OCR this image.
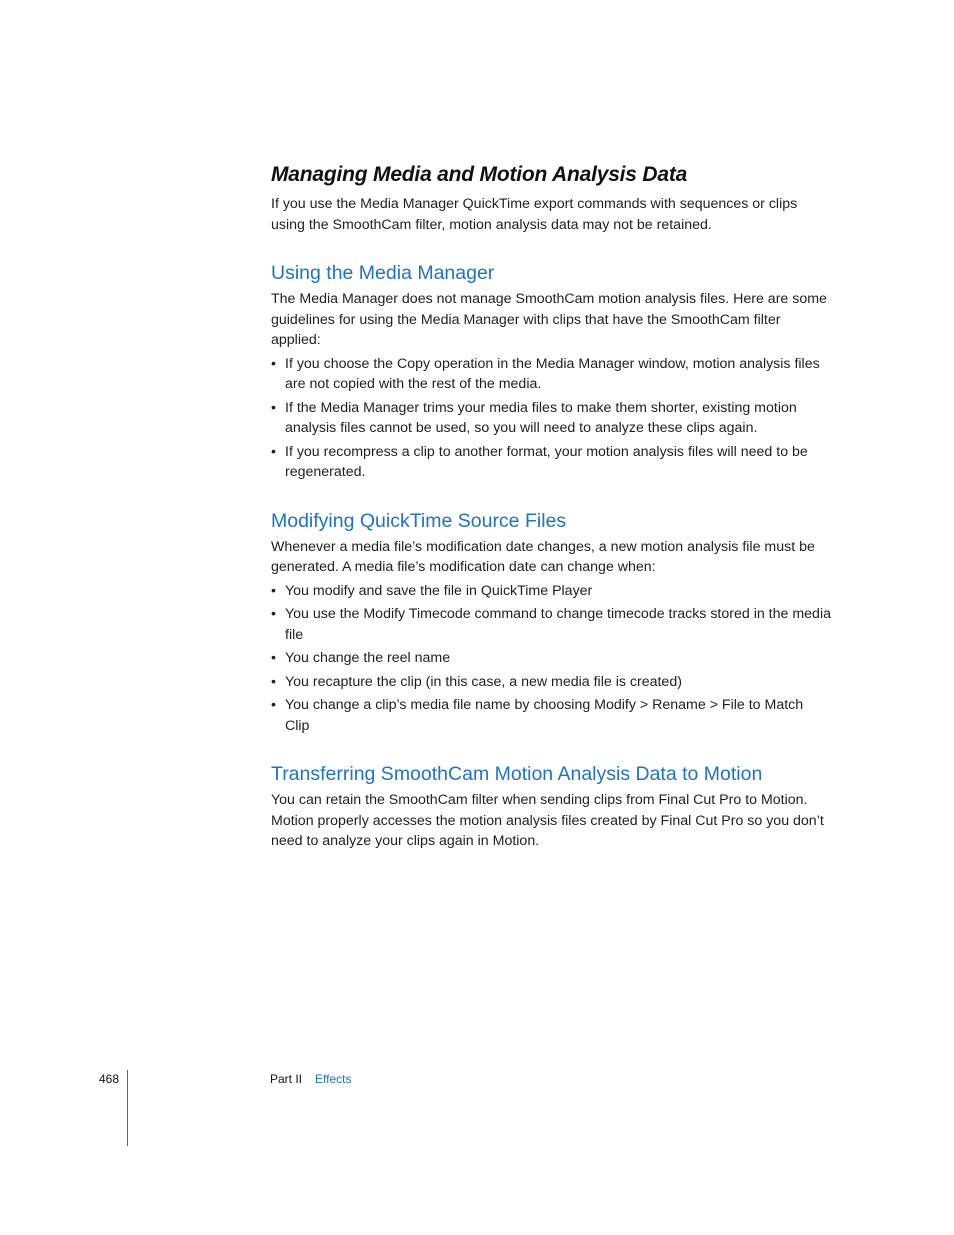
Managing Media and Motion Analysis Data

If you use the Media Manager QuickTime export commands with sequences or clips using the SmoothCam filter, motion analysis data may not be retained.

Using the Media Manager

The Media Manager does not manage SmoothCam motion analysis files. Here are some guidelines for using the Media Manager with clips that have the SmoothCam filter applied:

• If you choose the Copy operation in the Media Manager window, motion analysis files are not copied with the rest of the media.
• If the Media Manager trims your media files to make them shorter, existing motion analysis files cannot be used, so you will need to analyze these clips again.
• If you recompress a clip to another format, your motion analysis files will need to be regenerated.
Modifying QuickTime Source Files

Whenever a media file’s modification date changes, a new motion analysis file must be generated. A media file’s modification date can change when:

• You modify and save the file in QuickTime Player
• You use the Modify Timecode command to change timecode tracks stored in the media file
• You change the reel name
• You recapture the clip (in this case, a new media file is created)
• You change a clip’s media file name by choosing Modify > Rename > File to Match Clip
Transferring SmoothCam Motion Analysis Data to Motion

You can retain the SmoothCam filter when sending clips from Final Cut Pro to Motion. Motion properly accesses the motion analysis files created by Final Cut Pro so you don’t need to analyze your clips again in Motion.

468	Part II Effects
